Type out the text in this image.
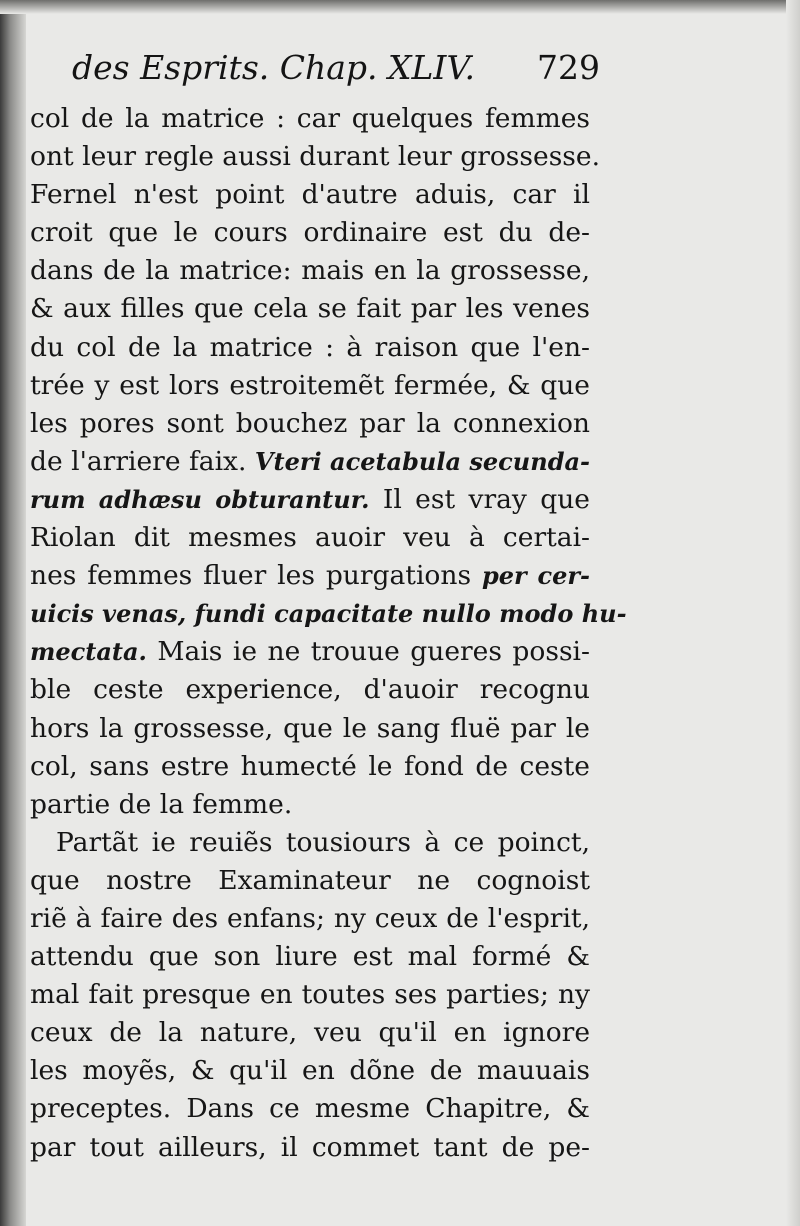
des Esprits. Chap. XLIV. 729
col de la matrice : car quelques femmes
ont leur regle aussi durant leur grossesse.
Fernel n'est point d'autre aduis, car il
croit que le cours ordinaire est du de-
dans de la matrice: mais en la grossesse,
& aux filles que cela se fait par les venes
du col de la matrice : à raison que l'en-
trée y est lors estroitemẽt fermée, & que
les pores sont bouchez par la connexion
de l'arriere faix. Vteri acetabula secunda-
rum adhæsu obturantur. Il est vray que
Riolan dit mesmes auoir veu à certai-
nes femmes fluer les purgations per cer-
uicis venas, fundi capacitate nullo modo hu-
mectata. Mais ie ne trouue gueres possi-
ble ceste experience, d'auoir recognu
hors la grossesse, que le sang fluë par le
col, sans estre humecté le fond de ceste
partie de la femme.
Partãt ie reuiẽs tousiours à ce poinct,
que nostre Examinateur ne cognoist
riẽ à faire des enfans; ny ceux de l'esprit,
attendu que son liure est mal formé &
mal fait presque en toutes ses parties; ny
ceux de la nature, veu qu'il en ignore
les moyẽs, & qu'il en dõne de mauuais
preceptes. Dans ce mesme Chapitre, &
par tout ailleurs, il commet tant de pe-
